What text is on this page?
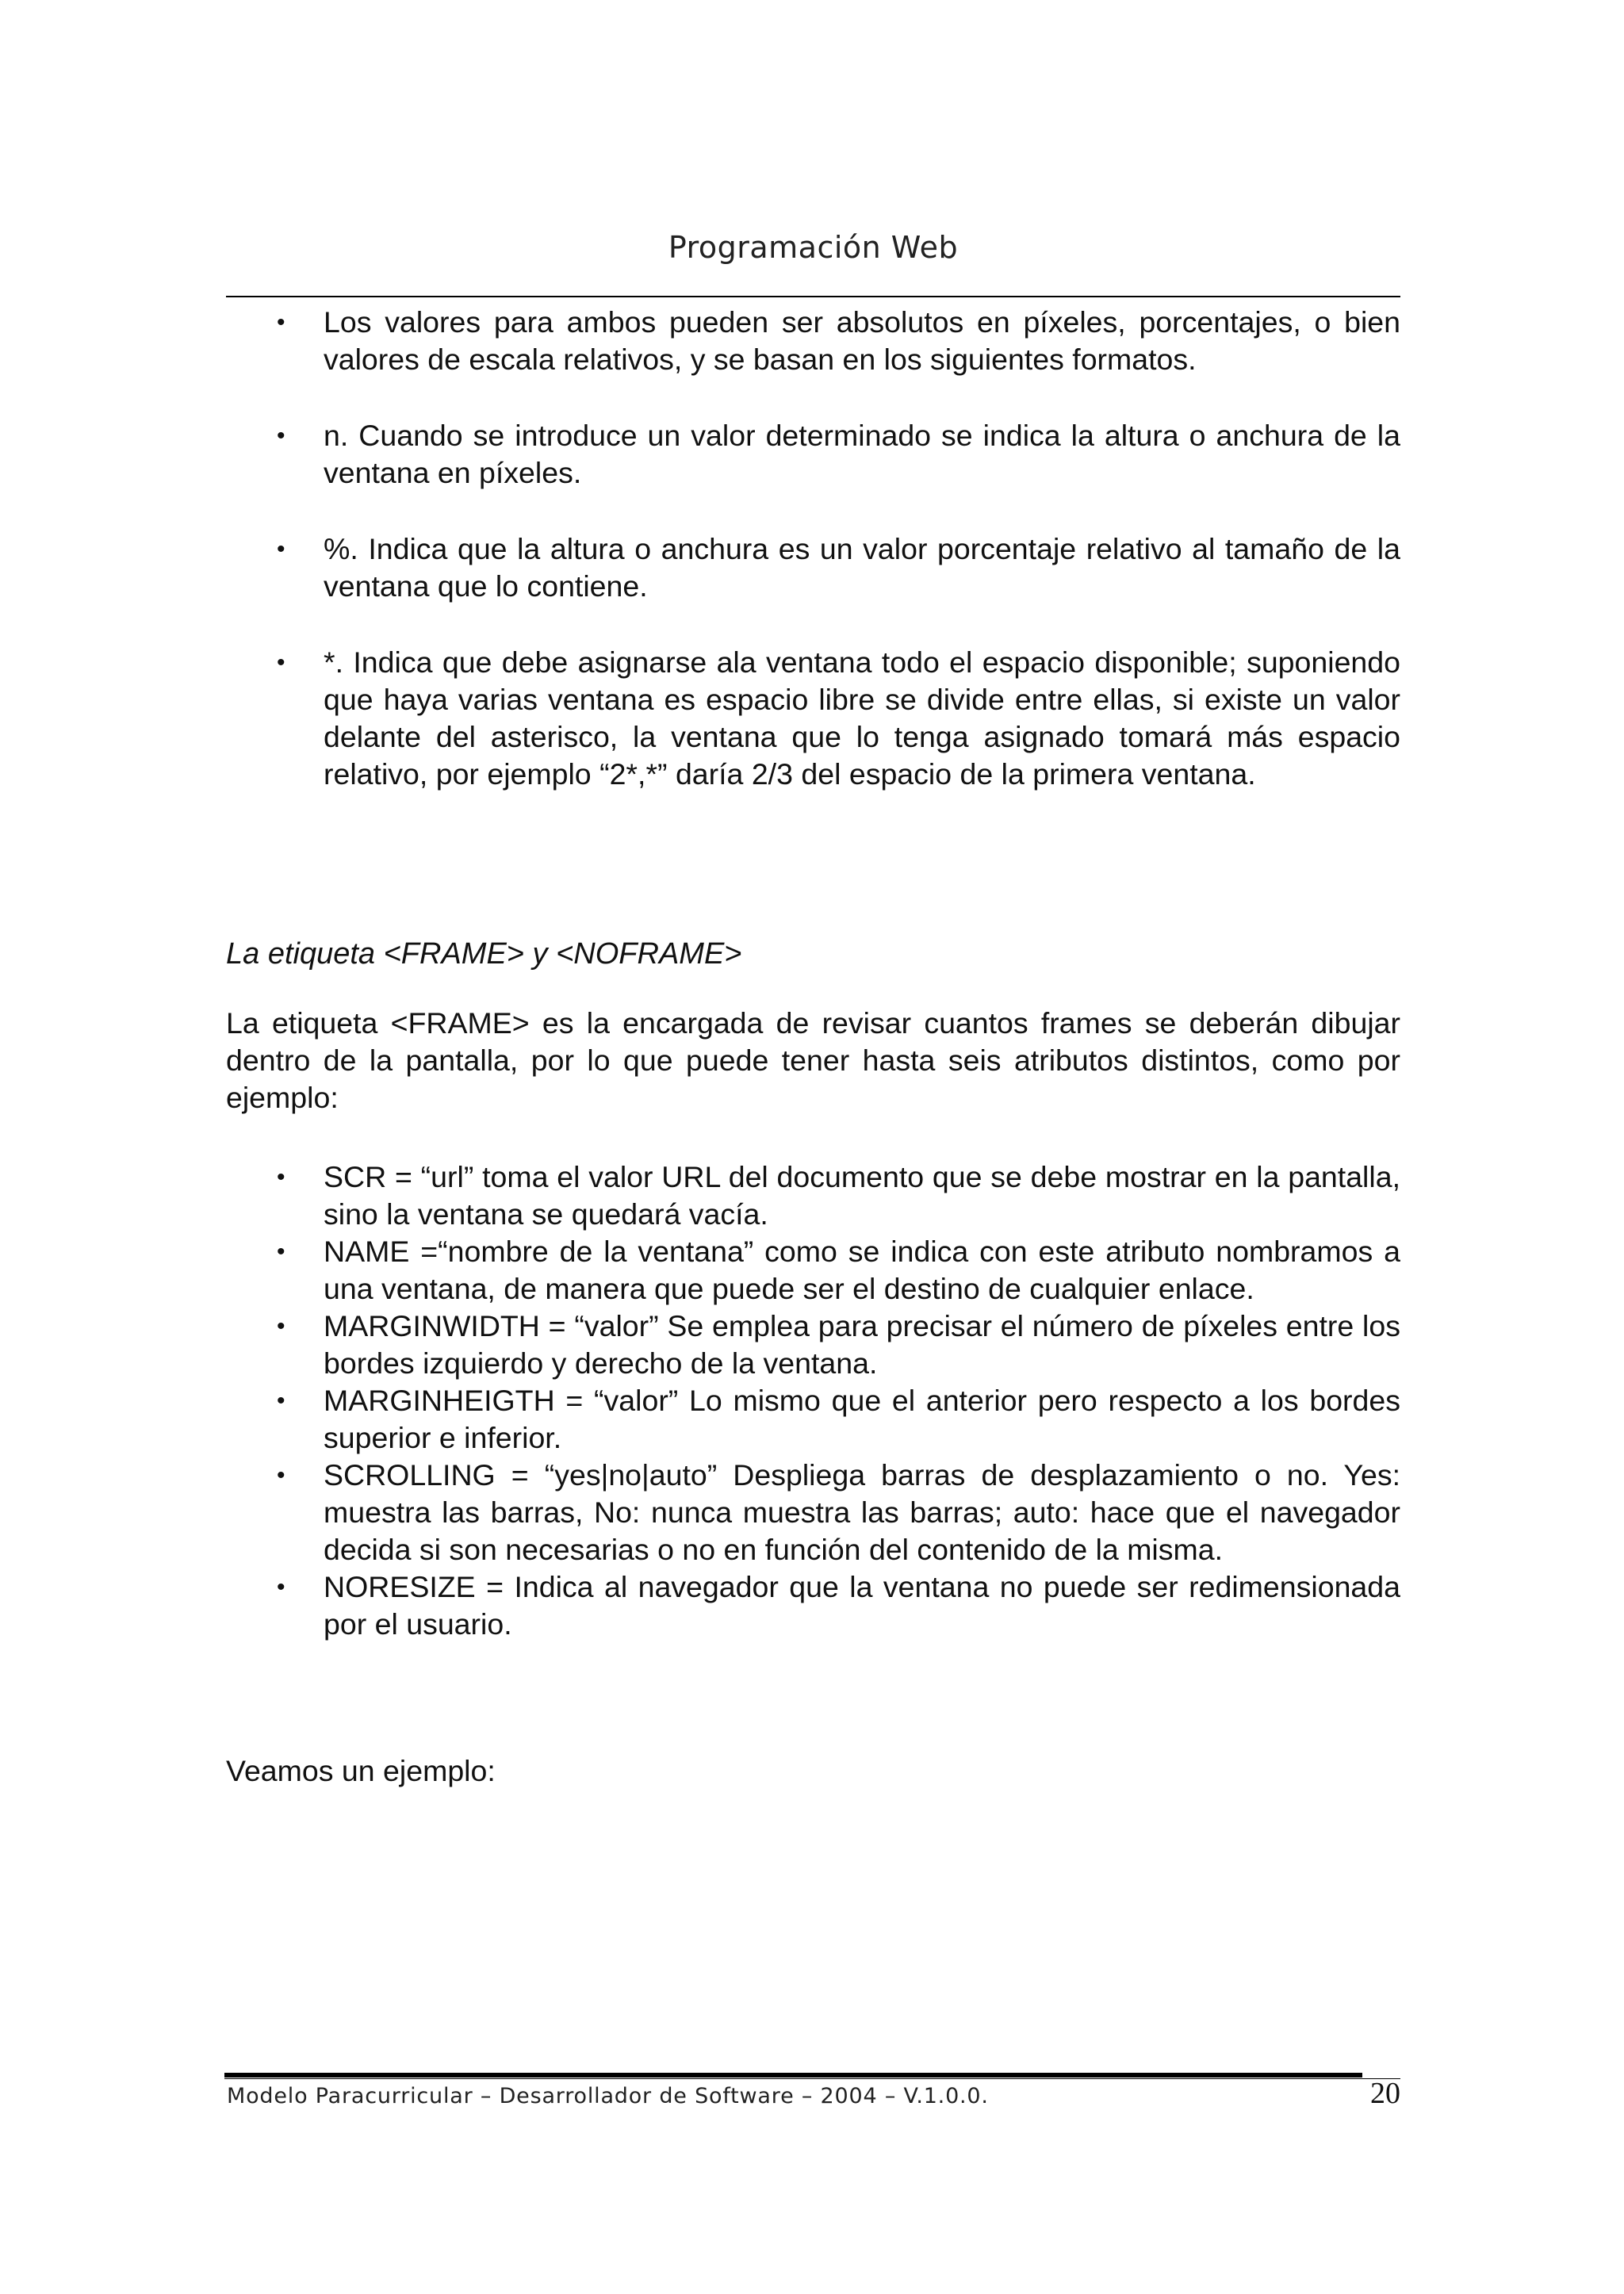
Programación Web
• Los valores para ambos pueden ser absolutos en píxeles, porcentajes, o bien valores de escala relativos, y se basan en los siguientes formatos.
• n. Cuando se introduce un valor determinado se indica la altura o anchura de la ventana en píxeles.
• %. Indica que la altura o anchura es un valor porcentaje relativo al tamaño de la ventana que lo contiene.
• *. Indica que debe asignarse ala ventana todo el espacio disponible; suponiendo que haya varias ventana es espacio libre se divide entre ellas, si existe un valor delante del asterisco, la ventana que lo tenga asignado tomará más espacio relativo, por ejemplo “2*,*” daría 2/3 del espacio de la primera ventana.
La etiqueta <FRAME> y <NOFRAME>

La etiqueta <FRAME> es la encargada de revisar cuantos frames se deberán dibujar dentro de la pantalla, por lo que puede tener hasta seis atributos distintos, como por ejemplo:

• SCR = “url” toma el valor URL del documento que se debe mostrar en la pantalla, sino la ventana se quedará vacía.
• NAME =“nombre de la ventana” como se indica con este atributo nombramos a una ventana, de manera que puede ser el destino de cualquier enlace.
• MARGINWIDTH = “valor” Se emplea para precisar el número de píxeles entre los bordes izquierdo y derecho de la ventana.
• MARGINHEIGTH = “valor” Lo mismo que el anterior pero respecto a los bordes superior e inferior.
• SCROLLING = “yes|no|auto” Despliega barras de desplazamiento o no. Yes: muestra las barras, No: nunca muestra las barras; auto: hace que el navegador decida si son necesarias o no en función del contenido de la misma.
• NORESIZE = Indica al navegador que la ventana no puede ser redimensionada por el usuario.

Veamos un ejemplo:

Modelo Paracurricular – Desarrollador de Software – 2004 – V.1.0.0.	20
